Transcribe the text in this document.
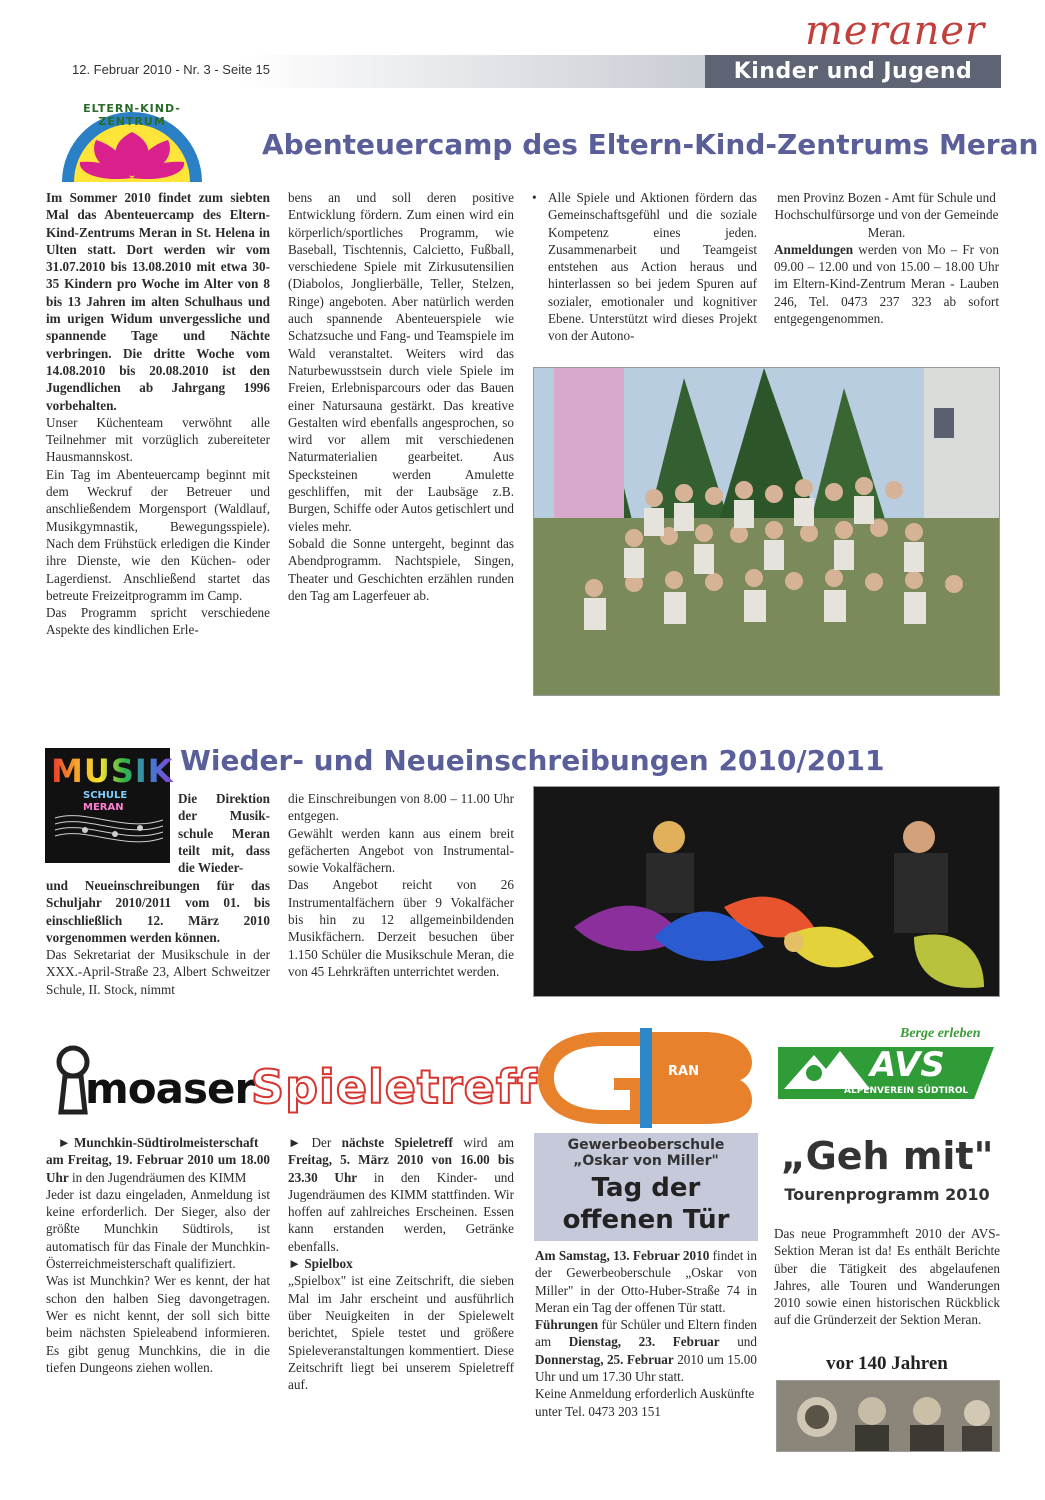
meraner
12. Februar 2010 - Nr. 3 - Seite 15	Kinder und Jugend
ELTERN-KIND-ZENTRUM
Abenteuercamp des Eltern-Kind-Zentrums Meran

Im Sommer 2010 findet zum siebten Mal das Abenteuercamp des Eltern-Kind-Zentrums Meran in St. Helena in Ulten statt. Dort werden wir vom 31.07.2010 bis 13.08.2010 mit etwa 30-35 Kindern pro Woche im Alter von 8 bis 13 Jahren im alten Schulhaus und im urigen Widum unvergessliche und spannende Tage und Nächte verbringen. Die dritte Woche vom 14.08.2010 bis 20.08.2010 ist den Jugendlichen ab Jahrgang 1996 vorbehalten.

Unser Küchenteam verwöhnt alle Teilnehmer mit vorzüglich zubereiteter Hausmannskost.

Ein Tag im Abenteuercamp beginnt mit dem Weckruf der Betreuer und anschließendem Morgensport (Waldlauf, Musikgymnastik, Bewegungsspiele). Nach dem Frühstück erledigen die Kinder ihre Dienste, wie den Küchen- oder Lagerdienst. Anschließend startet das betreute Freizeitprogramm im Camp.

Das Programm spricht verschiedene Aspekte des kindlichen Erle-

bens an und soll deren positive Entwicklung fördern. Zum einen wird ein körperlich/sportliches Programm, wie Baseball, Tischtennis, Calcietto, Fußball, verschiedene Spiele mit Zirkusutensilien (Diabolos, Jonglierbälle, Teller, Stelzen, Ringe) angeboten. Aber natürlich werden auch spannende Abenteuerspiele wie Schatzsuche und Fang- und Teamspiele im Wald veranstaltet. Weiters wird das Naturbewusstsein durch viele Spiele im Freien, Erlebnisparcours oder das Bauen einer Natursauna gestärkt. Das kreative Gestalten wird ebenfalls angesprochen, so wird vor allem mit verschiedenen Naturmaterialien gearbeitet. Aus Specksteinen werden Amulette geschliffen, mit der Laubsäge z.B. Burgen, Schiffe oder Autos getischlert und vieles mehr.

Sobald die Sonne untergeht, beginnt das Abendprogramm. Nachtspiele, Singen, Theater und Geschichten erzählen runden den Tag am Lagerfeuer ab.

• Alle Spiele und Aktionen fördern das Gemeinschaftsgefühl und die soziale Kompetenz eines jeden. Zusammenarbeit und Teamgeist entstehen aus Action heraus und hinterlassen so bei jedem Spuren auf sozialer, emotionaler und kognitiver Ebene. Unterstützt wird dieses Projekt von der Autono-

men Provinz Bozen - Amt für Schule und Hochschulfürsorge und von der Gemeinde Meran.

Anmeldungen werden von Mo – Fr von 09.00 – 12.00 und von 15.00 – 18.00 Uhr im Eltern-Kind-Zentrum Meran - Lauben 246, Tel. 0473 237 323 ab sofort entgegengenommen.

MUSIK
SCHULE
MERAN
Wieder- und Neueinschreibungen 2010/2011

Die Direktion der Musik-schule Meran teilt mit, dass die Wieder-

und Neueinschreibungen für das Schuljahr 2010/2011 vom 01. bis einschließlich 12. März 2010 vorgenommen werden können.

Das Sekretariat der Musikschule in der XXX.-April-Straße 23, Albert Schweitzer Schule, II. Stock, nimmt

die Einschreibungen von 8.00 – 11.00 Uhr entgegen.

Gewählt werden kann aus einem breit gefächerten Angebot von Instrumental- sowie Vokalfächern.

Das Angebot reicht von 26 Instrumentalfächern über 9 Vokalfächer bis hin zu 12 allgemeinbildenden Musikfächern. Derzeit besuchen über 1.150 Schüler die Musikschule Meran, die von 45 Lehrkräften unterrichtet werden.

moaser
Spieletreff

► Munchkin-Südtirolmeisterschaft

am Freitag, 19. Februar 2010 um 18.00 Uhr in den Jugendräumen des KIMM

Jeder ist dazu eingeladen, Anmeldung ist keine erforderlich. Der Sieger, also der größte Munchkin Südtirols, ist automatisch für das Finale der Munchkin-Österreichmeisterschaft qualifiziert.

Was ist Munchkin? Wer es kennt, der hat schon den halben Sieg davongetragen. Wer es nicht kennt, der soll sich bitte beim nächsten Spieleabend informieren. Es gibt genug Munchkins, die in die tiefen Dungeons ziehen wollen.

► Der nächste Spieletreff wird am Freitag, 5. März 2010 von 16.00 bis 23.30 Uhr in den Kinder- und Jugendräumen des KIMM stattfinden. Wir hoffen auf zahlreiches Erscheinen. Essen kann erstanden werden, Getränke ebenfalls.

► Spielbox

„Spielbox" ist eine Zeitschrift, die sieben Mal im Jahr erscheint und ausführlich über Neuigkeiten in der Spielewelt berichtet, Spiele testet und größere Spieleveranstaltungen kommentiert. Diese Zeitschrift liegt bei unserem Spieletreff auf.

ME RAN
Gewerbeoberschule
„Oskar von Miller"
Tag der
offenen Tür

Am Samstag, 13. Februar 2010 findet in der Gewerbeoberschule „Oskar von Miller" in der Otto-Huber-Straße 74 in Meran ein Tag der offenen Tür statt.

Führungen für Schüler und Eltern finden am Dienstag, 23. Februar und Donnerstag, 25. Februar 2010 um 15.00 Uhr und um 17.30 Uhr statt.

Keine Anmeldung erforderlich Auskünfte unter Tel. 0473 203 151

Berge erleben
AVS
ALPENVEREIN SÜDTIROL
„Geh mit"
Tourenprogramm 2010
Das neue Programmheft 2010 der AVS-Sektion Meran ist da! Es enthält Berichte über die Tätigkeit des abgelaufenen Jahres, alle Touren und Wanderungen 2010 sowie einen historischen Rückblick auf die Gründerzeit der Sektion Meran.
vor 140 Jahren
